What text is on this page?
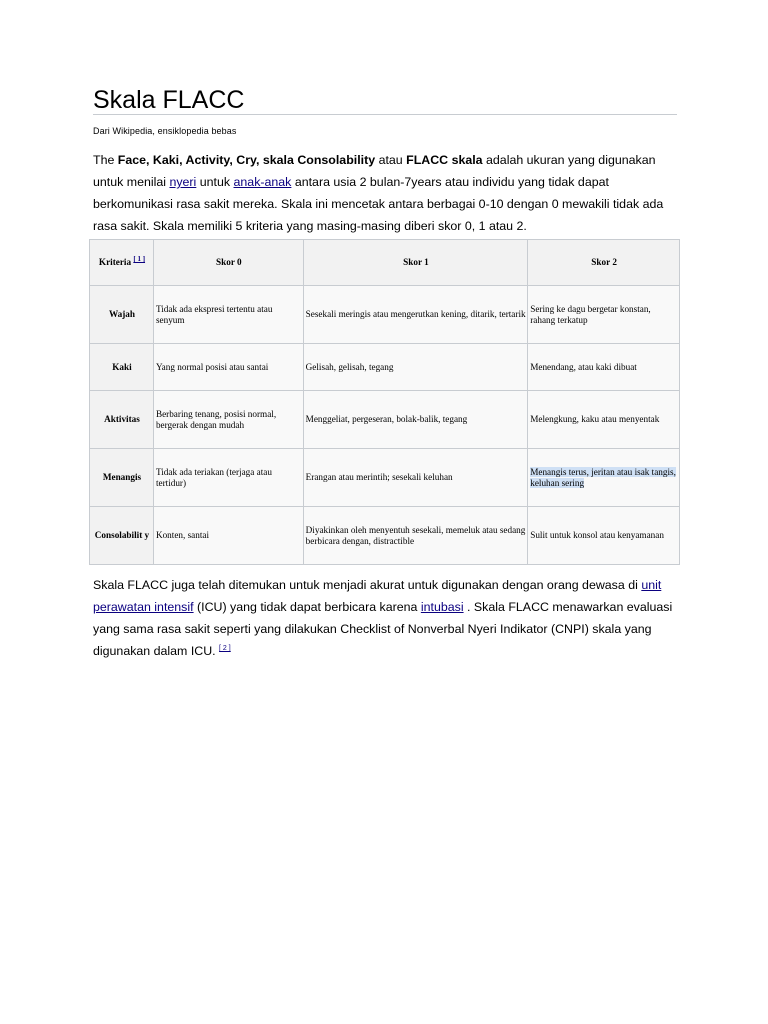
Skala FLACC
Dari Wikipedia, ensiklopedia bebas

The Face, Kaki, Activity, Cry, skala Consolability atau FLACC skala adalah ukuran yang digunakan untuk menilai nyeri untuk anak-anak antara usia 2 bulan-7years atau individu yang tidak dapat berkomunikasi rasa sakit mereka. Skala ini mencetak antara berbagai 0-10 dengan 0 mewakili tidak ada rasa sakit. Skala memiliki 5 kriteria yang masing-masing diberi skor 0, 1 atau 2.

Kriteria [ 1 ]	Skor 0	Skor 1	Skor 2
Wajah	Tidak ada ekspresi tertentu atau senyum	Sesekali meringis atau mengerutkan kening, ditarik, tertarik	Sering ke dagu bergetar konstan, rahang terkatup
Kaki	Yang normal posisi atau santai	Gelisah, gelisah, tegang	Menendang, atau kaki dibuat
Aktivitas	Berbaring tenang, posisi normal, bergerak dengan mudah	Menggeliat, pergeseran, bolak-balik, tegang	Melengkung, kaku atau menyentak
Menangis	Tidak ada teriakan (terjaga atau tertidur)	Erangan atau merintih; sesekali keluhan	Menangis terus, jeritan atau isak tangis, keluhan sering
Consolabilit y	Konten, santai	Diyakinkan oleh menyentuh sesekali, memeluk atau sedang berbicara dengan, distractible	Sulit untuk konsol atau kenyamanan

Skala FLACC juga telah ditemukan untuk menjadi akurat untuk digunakan dengan orang dewasa di unit perawatan intensif (ICU) yang tidak dapat berbicara karena intubasi . Skala FLACC menawarkan evaluasi yang sama rasa sakit seperti yang dilakukan Checklist of Nonverbal Nyeri Indikator (CNPI) skala yang digunakan dalam ICU. [ 2 ]
